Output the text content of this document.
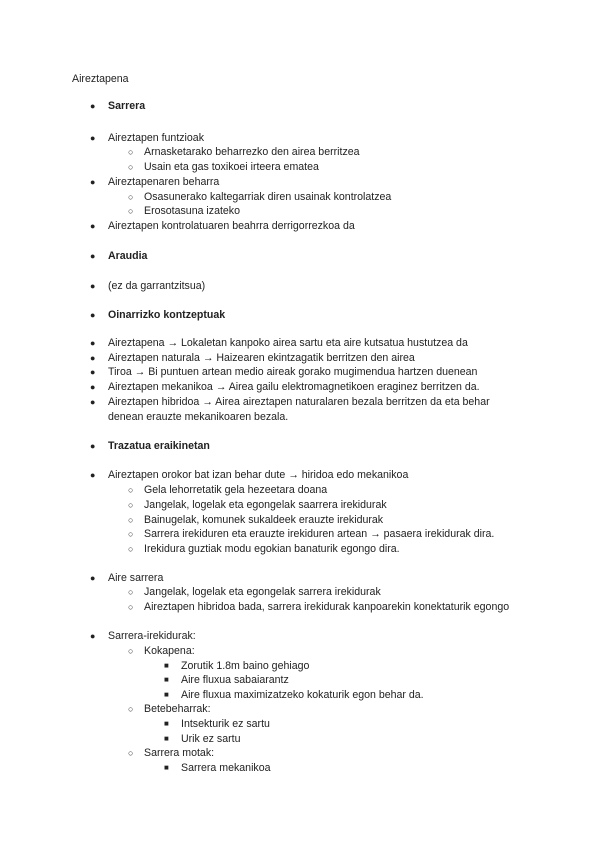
Aireztapena
● Sarrera
● Aireztapen funtzioak
○ Arnasketarako beharrezko den airea berritzea
○ Usain eta gas toxikoei irteera ematea
● Aireztapenaren beharra
○ Osasunerako kaltegarriak diren usainak kontrolatzea
○ Erosotasuna izateko
● Aireztapen kontrolatuaren beahrra derrigorrezkoa da
● Araudia
● (ez da garrantzitsua)
● Oinarrizko kontzeptuak
● Aireztapena → Lokaletan kanpoko airea sartu eta aire kutsatua hustutzea da
● Aireztapen naturala → Haizearen ekintzagatik berritzen den airea
● Tiroa → Bi puntuen artean medio aireak gorako mugimendua hartzen duenean
● Aireztapen mekanikoa → Airea gailu elektromagnetikoen eraginez berritzen da.
● Aireztapen hibridoa → Airea aireztapen naturalaren bezala berritzen da eta behar
denean erauzte mekanikoaren bezala.
● Trazatua eraikinetan
● Aireztapen orokor bat izan behar dute → hiridoa edo mekanikoa
○ Gela lehorretatik gela hezeetara doana
○ Jangelak, logelak eta egongelak saarrera irekidurak
○ Bainugelak, komunek sukaldeek erauzte irekidurak
○ Sarrera irekiduren eta erauzte irekiduren artean → pasaera irekidurak dira.
○ Irekidura guztiak modu egokian banaturik egongo dira.
● Aire sarrera
○ Jangelak, logelak eta egongelak sarrera irekidurak
○ Aireztapen hibridoa bada, sarrera irekidurak kanpoarekin konektaturik egongo
● Sarrera-irekidurak:
○ Kokapena:
■ Zorutik 1.8m baino gehiago
■ Aire fluxua sabaiarantz
■ Aire fluxua maximizatzeko kokaturik egon behar da.
○ Betebeharrak:
■ Intsekturik ez sartu
■ Urik ez sartu
○ Sarrera motak:
■ Sarrera mekanikoa
